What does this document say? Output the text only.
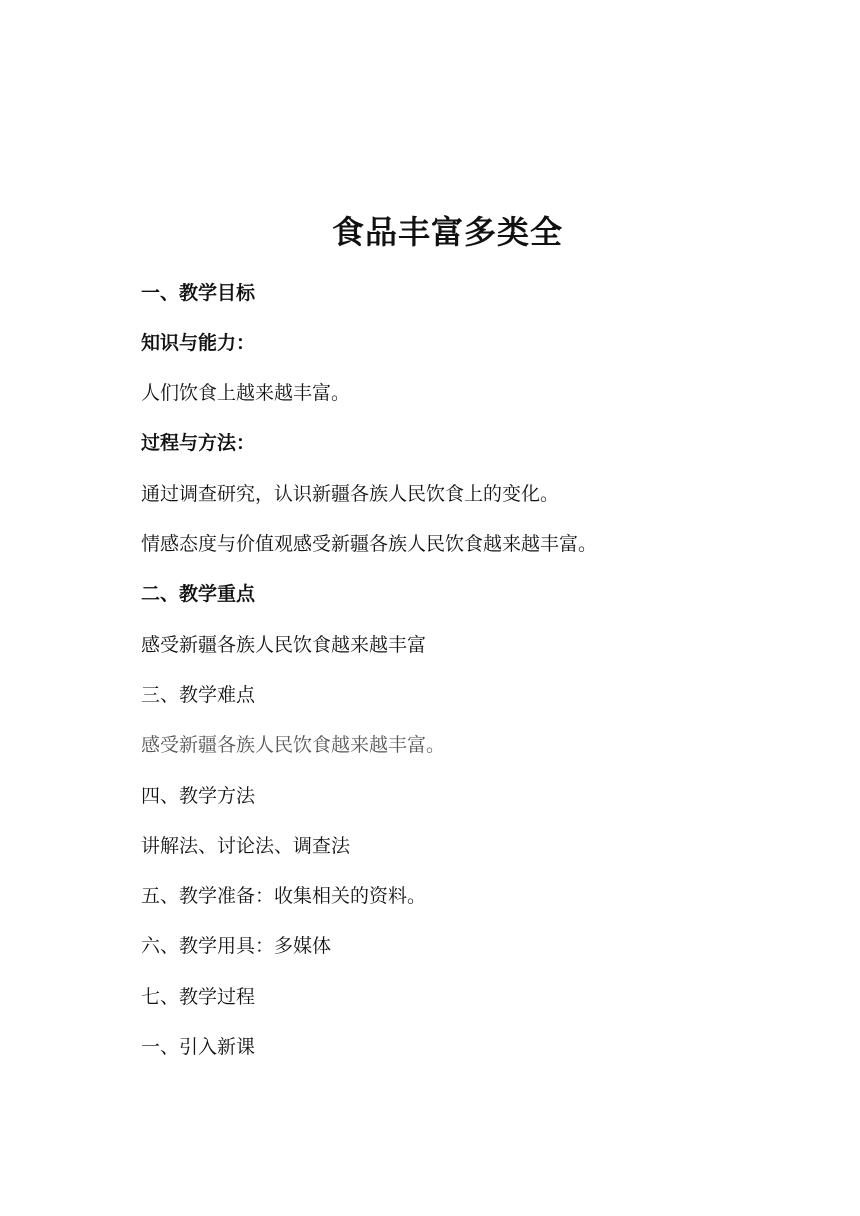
食品丰富多类全
一、教学目标
知识与能力：
人们饮食上越来越丰富。
过程与方法：
通过调查研究，认识新疆各族人民饮食上的变化。
情感态度与价值观感受新疆各族人民饮食越来越丰富。
二、教学重点
感受新疆各族人民饮食越来越丰富
三、教学难点
感受新疆各族人民饮食越来越丰富。
四、教学方法
讲解法、讨论法、调查法
五、教学准备：收集相关的资料。
六、教学用具：多媒体
七、教学过程
一、引入新课
